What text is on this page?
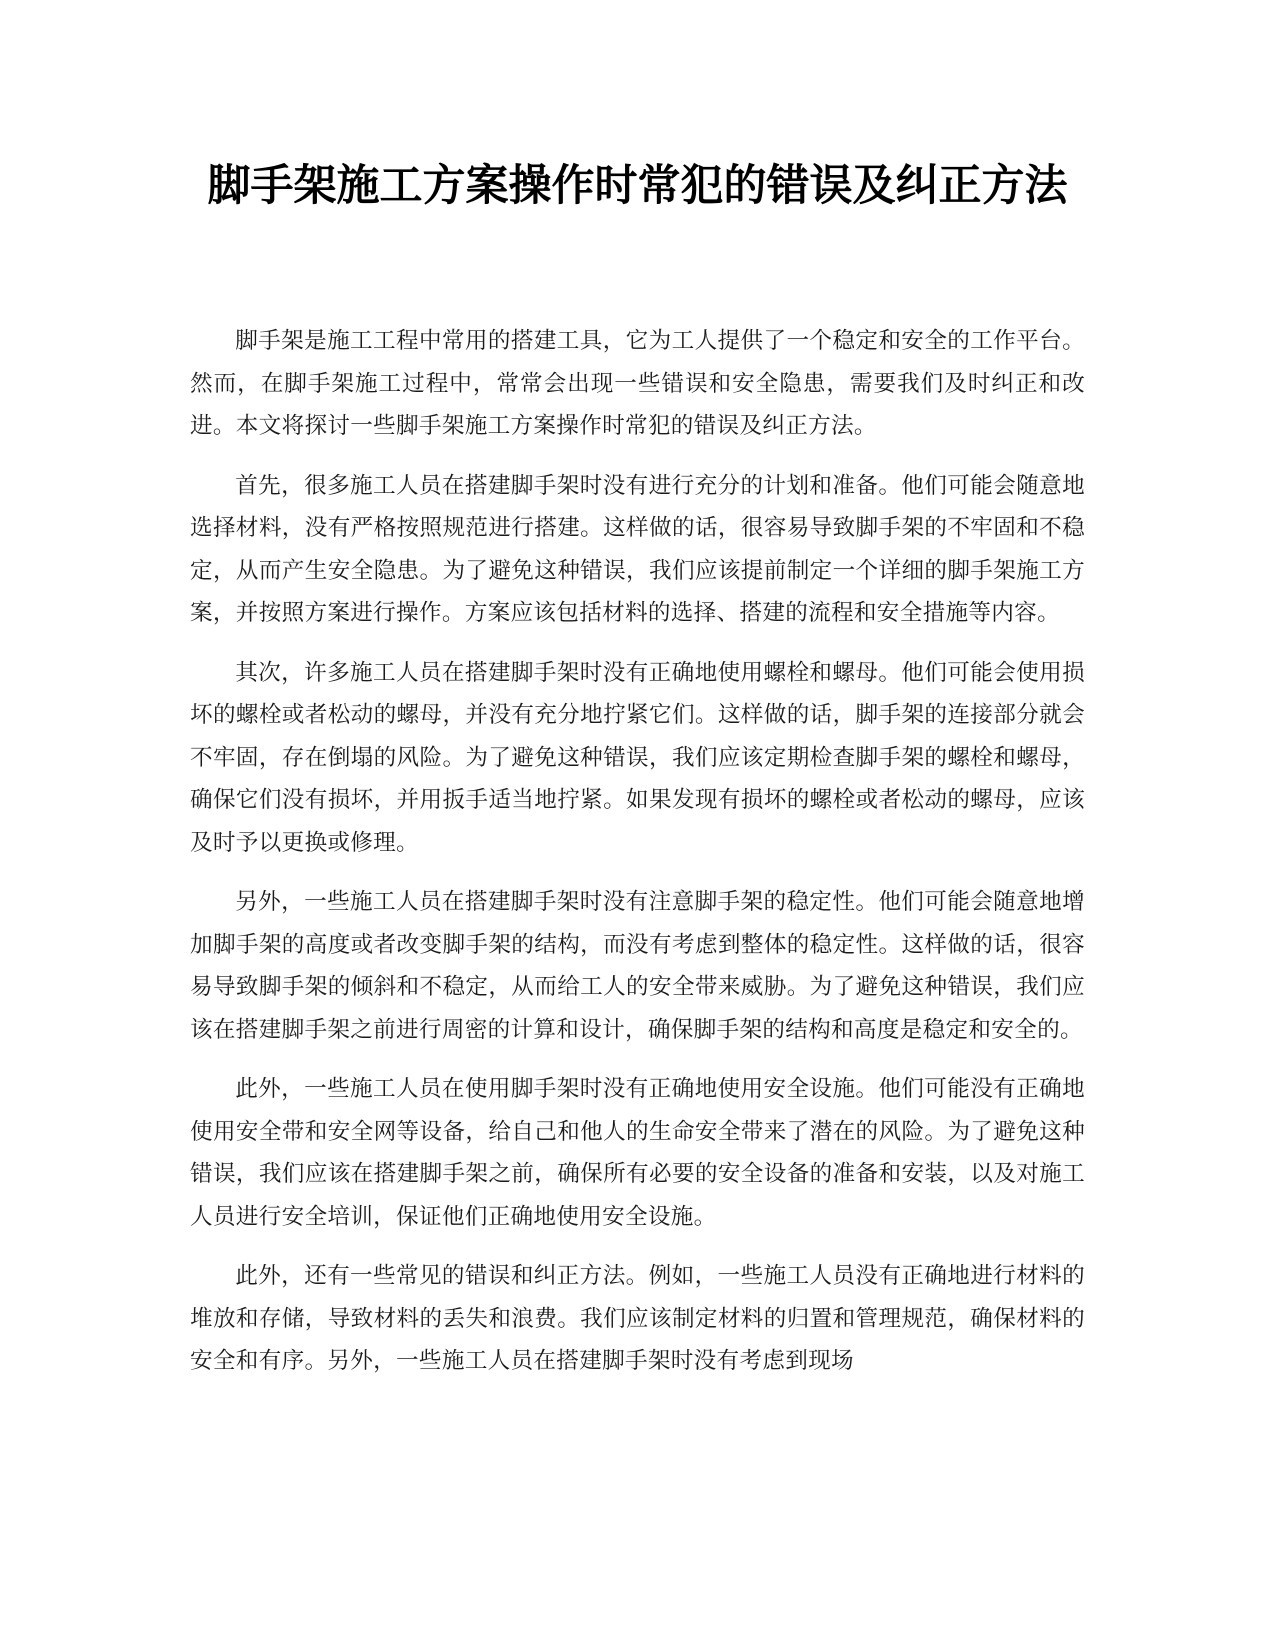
脚手架施工方案操作时常犯的错误及纠正方法

脚手架是施工工程中常用的搭建工具，它为工人提供了一个稳定和安全的工作平台。然而，在脚手架施工过程中，常常会出现一些错误和安全隐患，需要我们及时纠正和改进。本文将探讨一些脚手架施工方案操作时常犯的错误及纠正方法。

首先，很多施工人员在搭建脚手架时没有进行充分的计划和准备。他们可能会随意地选择材料，没有严格按照规范进行搭建。这样做的话，很容易导致脚手架的不牢固和不稳定，从而产生安全隐患。为了避免这种错误，我们应该提前制定一个详细的脚手架施工方案，并按照方案进行操作。方案应该包括材料的选择、搭建的流程和安全措施等内容。

其次，许多施工人员在搭建脚手架时没有正确地使用螺栓和螺母。他们可能会使用损坏的螺栓或者松动的螺母，并没有充分地拧紧它们。这样做的话，脚手架的连接部分就会不牢固，存在倒塌的风险。为了避免这种错误，我们应该定期检查脚手架的螺栓和螺母，确保它们没有损坏，并用扳手适当地拧紧。如果发现有损坏的螺栓或者松动的螺母，应该及时予以更换或修理。

另外，一些施工人员在搭建脚手架时没有注意脚手架的稳定性。他们可能会随意地增加脚手架的高度或者改变脚手架的结构，而没有考虑到整体的稳定性。这样做的话，很容易导致脚手架的倾斜和不稳定，从而给工人的安全带来威胁。为了避免这种错误，我们应该在搭建脚手架之前进行周密的计算和设计，确保脚手架的结构和高度是稳定和安全的。

此外，一些施工人员在使用脚手架时没有正确地使用安全设施。他们可能没有正确地使用安全带和安全网等设备，给自己和他人的生命安全带来了潜在的风险。为了避免这种错误，我们应该在搭建脚手架之前，确保所有必要的安全设备的准备和安装，以及对施工人员进行安全培训，保证他们正确地使用安全设施。

此外，还有一些常见的错误和纠正方法。例如，一些施工人员没有正确地进行材料的堆放和存储，导致材料的丢失和浪费。我们应该制定材料的归置和管理规范，确保材料的安全和有序。另外，一些施工人员在搭建脚手架时没有考虑到现场
